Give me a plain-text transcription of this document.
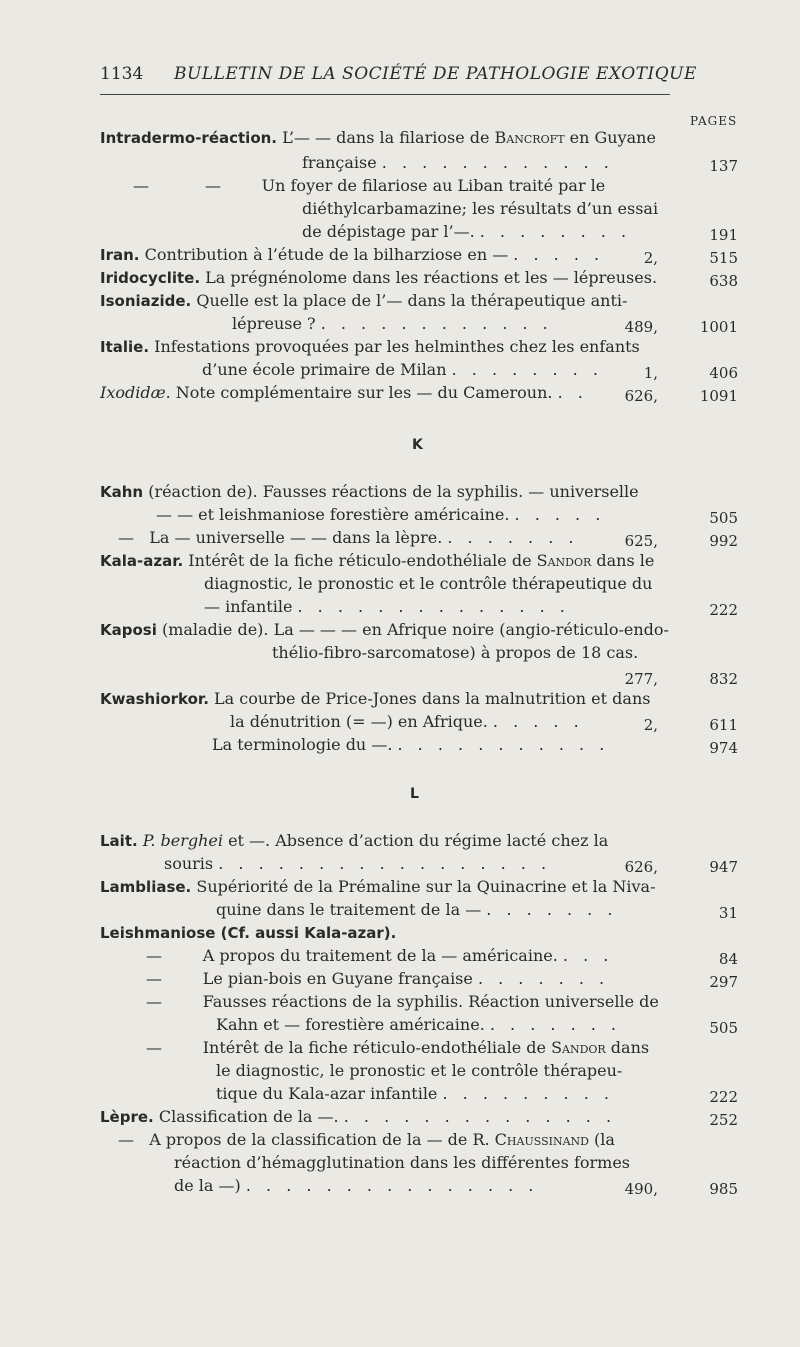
1134 BULLETIN DE LA SOCIÉTÉ DE PATHOLOGIE EXOTIQUE
PAGES
K
L
Intradermo-réaction. L’— — dans la filariose de Bancroft en Guyane
française . . . . . . . . . . . .	137
—           —        Un foyer de filariose au Liban traité par le
diéthylcarbamazine; les résultats d’un essai
de dépistage par l’—. . . . . . . . .	191
Iran. Contribution à l’étude de la bilharziose en — . . . . .	2,	515
Iridocyclite. La prégnénolome dans les réactions et les — lépreuses.	638
Isoniazide. Quelle est la place de l’— dans la thérapeutique anti-
lépreuse ? . . . . . . . . . . . .	489,	1001
Italie. Infestations provoquées par les helminthes chez les enfants
d’une école primaire de Milan . . . . . . . .	1,	406
Ixodidæ. Note complémentaire sur les — du Cameroun. . . 626,	1091
Kahn (réaction de). Fausses réactions de la syphilis. — universelle
— — et leishmaniose forestière américaine. . . . . .	505
—   La — universelle — — dans la lèpre. . . . . . . .	625,	992
Kala-azar. Intérêt de la fiche réticulo-endothéliale de Sandor dans le
diagnostic, le pronostic et le contrôle thérapeutique du
— infantile . . . . . . . . . . . . . .	222
Kaposi (maladie de). La — — — en Afrique noire (angio-réticulo-endo-
thélio-fibro-sarcomatose) à propos de 18 cas.
277,	832
Kwashiorkor. La courbe de Price-Jones dans la malnutrition et dans
la dénutrition (= —) en Afrique. . . . . .	2,	611
La terminologie du —. . . . . . . . . . . .	974
Lait. P. berghei et —. Absence d’action du régime lacté chez la
souris . . . . . . . . . . . . . . . . .	626,	947
Lambliase. Supériorité de la Prémaline sur la Quinacrine et la Niva-
quine dans le traitement de la — . . . . . . .	31
Leishmaniose (Cf. aussi Kala-azar).
—        A propos du traitement de la — américaine. . . .	84
—        Le pian-bois en Guyane française . . . . . . .	297
—        Fausses réactions de la syphilis. Réaction universelle de
Kahn et — forestière américaine. . . . . . . .	505
—        Intérêt de la fiche réticulo-endothéliale de Sandor dans
le diagnostic, le pronostic et le contrôle thérapeu-
tique du Kala-azar infantile . . . . . . . . .	222
Lèpre. Classification de la —. . . . . . . . . . . . . . .	252
—   A propos de la classification de la — de R. Chaussinand (la
réaction d’hémagglutination dans les différentes formes
de la —) . . . . . . . . . . . . . . .	490,	985
